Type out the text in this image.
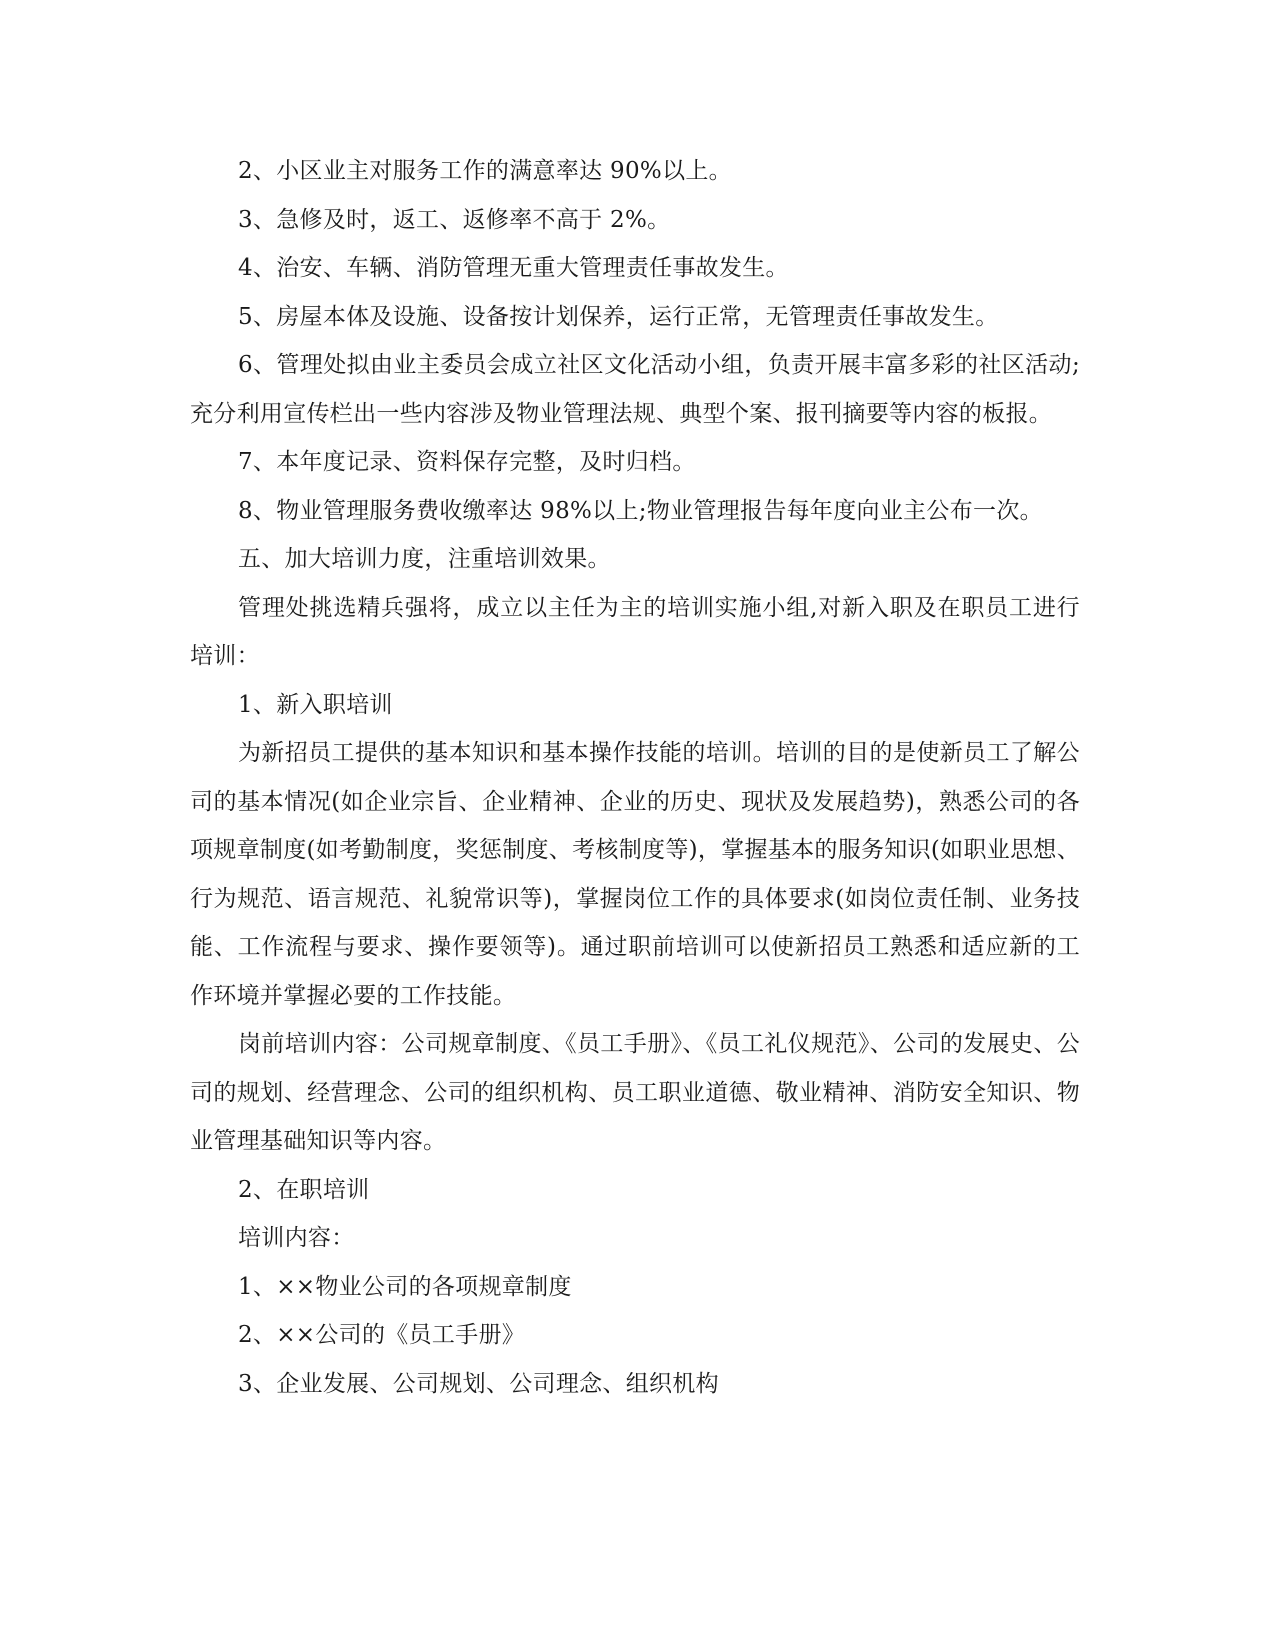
2、小区业主对服务工作的满意率达 90%以上。

3、急修及时，返工、返修率不高于 2%。

4、治安、车辆、消防管理无重大管理责任事故发生。

5、房屋本体及设施、设备按计划保养，运行正常，无管理责任事故发生。

6、管理处拟由业主委员会成立社区文化活动小组，负责开展丰富多彩的社区活动;充分利用宣传栏出一些内容涉及物业管理法规、典型个案、报刊摘要等内容的板报。

7、本年度记录、资料保存完整，及时归档。

8、物业管理服务费收缴率达 98%以上;物业管理报告每年度向业主公布一次。

五、加大培训力度，注重培训效果。

管理处挑选精兵强将，成立以主任为主的培训实施小组,对新入职及在职员工进行培训：

1、新入职培训

为新招员工提供的基本知识和基本操作技能的培训。培训的目的是使新员工了解公司的基本情况(如企业宗旨、企业精神、企业的历史、现状及发展趋势)，熟悉公司的各项规章制度(如考勤制度，奖惩制度、考核制度等)，掌握基本的服务知识(如职业思想、行为规范、语言规范、礼貌常识等)，掌握岗位工作的具体要求(如岗位责任制、业务技能、工作流程与要求、操作要领等)。通过职前培训可以使新招员工熟悉和适应新的工作环境并掌握必要的工作技能。

岗前培训内容：公司规章制度、《员工手册》、《员工礼仪规范》、公司的发展史、公司的规划、经营理念、公司的组织机构、员工职业道德、敬业精神、消防安全知识、物业管理基础知识等内容。

2、在职培训

培训内容：

1、××物业公司的各项规章制度

2、××公司的《员工手册》

3、企业发展、公司规划、公司理念、组织机构
